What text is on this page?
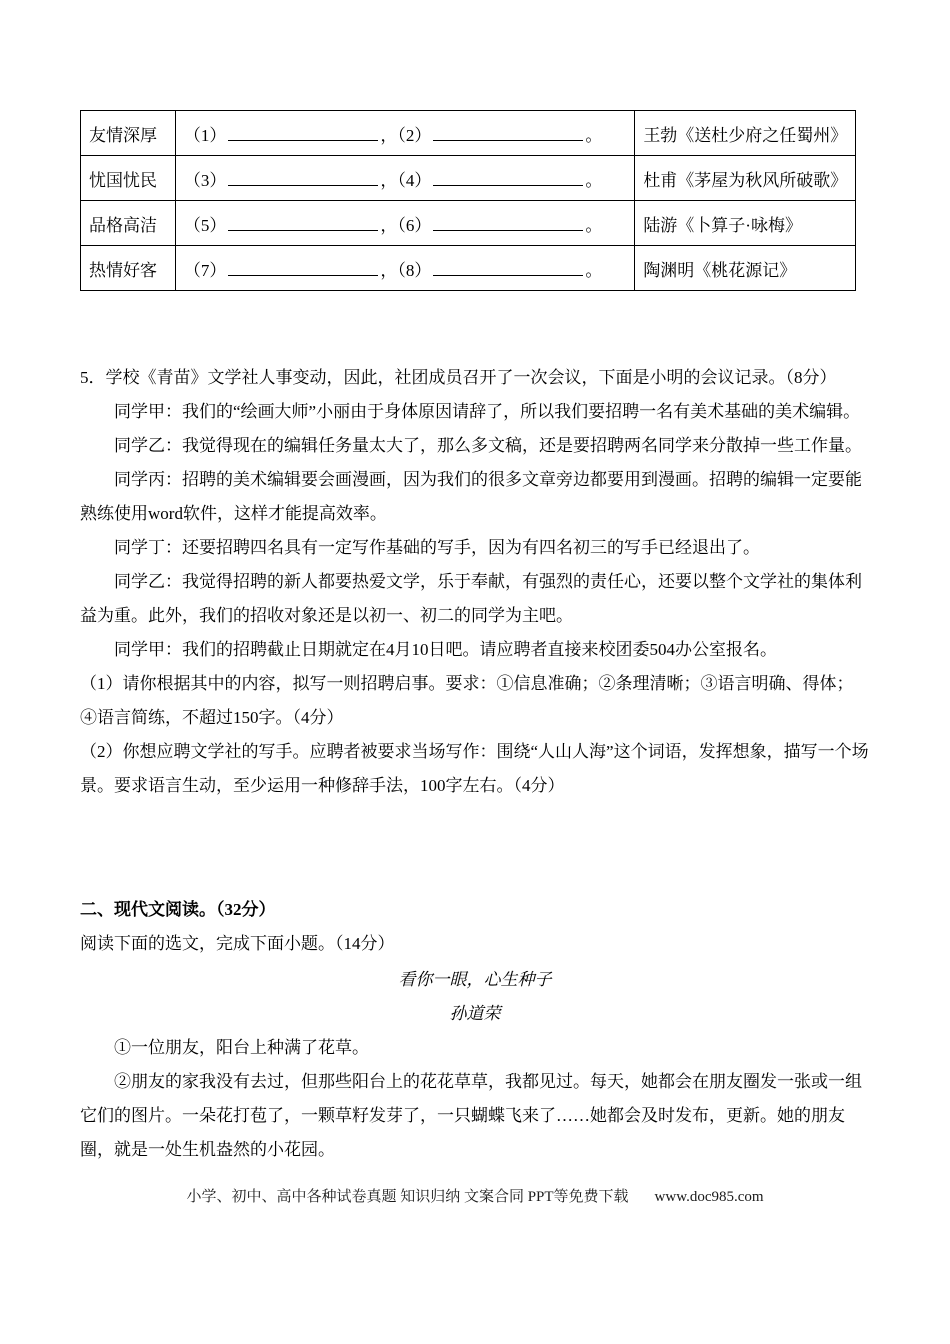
友情深厚	（1） ，（2） 。	王勃《送杜少府之任蜀州》
忧国忧民	（3） ，（4） 。	杜甫《茅屋为秋风所破歌》
品格高洁	（5） ，（6） 。	陆游《卜算子·咏梅》
热情好客	（7） ，（8） 。	陶渊明《桃花源记》

5．学校《青苗》文学社人事变动，因此，社团成员召开了一次会议，下面是小明的会议记录。（8分）

同学甲：我们的“绘画大师”小丽由于身体原因请辞了，所以我们要招聘一名有美术基础的美术编辑。

同学乙：我觉得现在的编辑任务量太大了，那么多文稿，还是要招聘两名同学来分散掉一些工作量。

同学丙：招聘的美术编辑要会画漫画，因为我们的很多文章旁边都要用到漫画。招聘的编辑一定要能熟练使用word软件，这样才能提高效率。

同学丁：还要招聘四名具有一定写作基础的写手，因为有四名初三的写手已经退出了。

同学乙：我觉得招聘的新人都要热爱文学，乐于奉献，有强烈的责任心，还要以整个文学社的集体利益为重。此外，我们的招收对象还是以初一、初二的同学为主吧。

同学甲：我们的招聘截止日期就定在4月10日吧。请应聘者直接来校团委504办公室报名。

（1）请你根据其中的内容，拟写一则招聘启事。要求：①信息准确；②条理清晰；③语言明确、得体；④语言简练，不超过150字。（4分）

（2）你想应聘文学社的写手。应聘者被要求当场写作：围绕“人山人海”这个词语，发挥想象，描写一个场景。要求语言生动，至少运用一种修辞手法，100字左右。（4分）

二、现代文阅读。（32分）

阅读下面的选文，完成下面小题。（14分）

看你一眼，心生种子

孙道荣

①一位朋友，阳台上种满了花草。

②朋友的家我没有去过，但那些阳台上的花花草草，我都见过。每天，她都会在朋友圈发一张或一组它们的图片。一朵花打苞了，一颗草籽发芽了，一只蝴蝶飞来了……她都会及时发布，更新。她的朋友圈，就是一处生机盎然的小花园。

小学、初中、高中各种试卷真题 知识归纳 文案合同 PPT等免费下载 www.doc985.com
